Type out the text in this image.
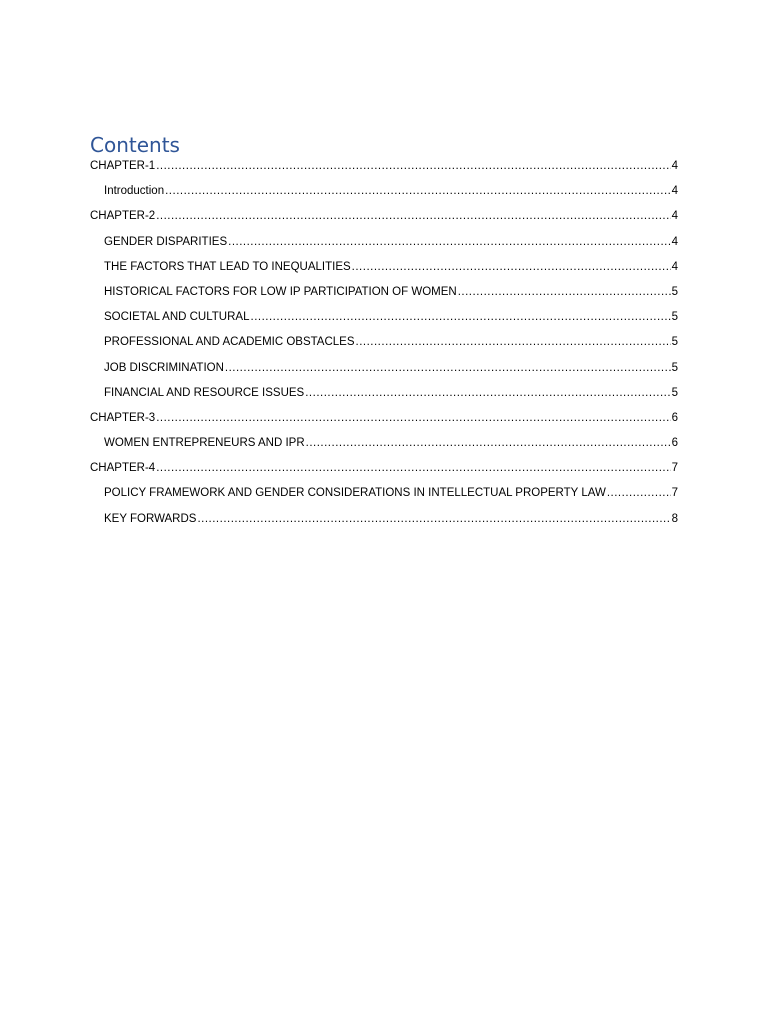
Contents
CHAPTER-1 .....	4
Introduction .....	4
CHAPTER-2 .....	4
GENDER DISPARITIES .....	4
THE FACTORS THAT LEAD TO INEQUALITIES .....	4
HISTORICAL FACTORS FOR LOW IP PARTICIPATION OF WOMEN .....	5
SOCIETAL AND CULTURAL .....	5
PROFESSIONAL AND ACADEMIC OBSTACLES .....	5
JOB DISCRIMINATION .....	5
FINANCIAL AND RESOURCE ISSUES .....	5
CHAPTER-3 .....	6
WOMEN ENTREPRENEURS AND IPR .....	6
CHAPTER-4 .....	7
POLICY FRAMEWORK AND GENDER CONSIDERATIONS IN INTELLECTUAL PROPERTY LAW .....	7
KEY FORWARDS .....	8
